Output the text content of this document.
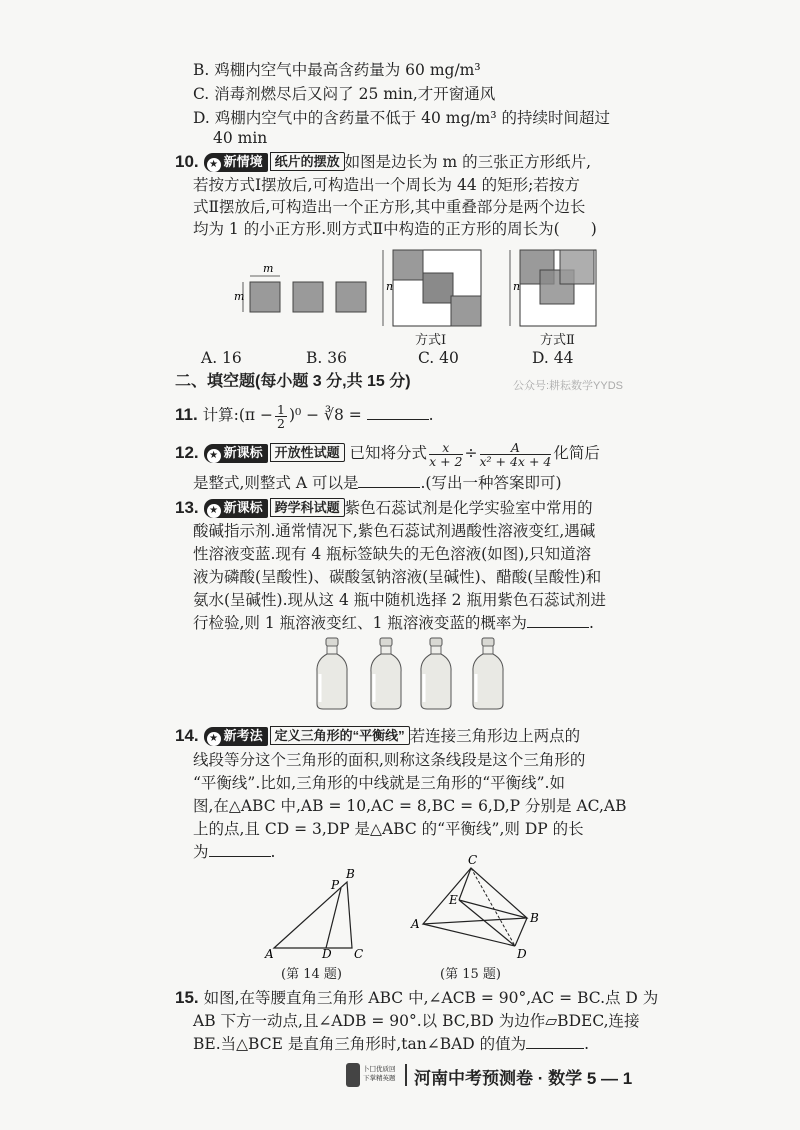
B. 鸡棚内空气中最高含药量为 60 mg/m³
C. 消毒剂燃尽后又闷了 25 min,才开窗通风
D. 鸡棚内空气中的含药量不低于 40 mg/m³ 的持续时间超过
40 min
10. ★ 新情境 纸片的摆放 如图是边长为 m 的三张正方形纸片,
若按方式Ⅰ摆放后,可构造出一个周长为 44 的矩形;若按方
式Ⅱ摆放后,可构造出一个正方形,其中重叠部分是两个边长
均为 1 的小正方形.则方式Ⅱ中构造的正方形的周长为(　　)
m
m
n	n
方式Ⅰ	方式Ⅱ
A. 16	B. 36	C. 40	D. 44
二、填空题(每小题 3 分,共 15 分)	公众号:耕耘数学YYDS
11. 计算:(π − $\frac{1}{2} )^0$ − ∛8 =	.
12. ★ 新课标 开放性试题 已知将分式 $\frac{x}{x + 2} \div \frac{A}{\text{x² + 4x + 4}}$ 化简后
是整式,则整式 A 可以是	.(写出一种答案即可)
13. ★ 新课标 跨学科试题 紫色石蕊试剂是化学实验室中常用的
酸碱指示剂.通常情况下,紫色石蕊试剂遇酸性溶液变红,遇碱
性溶液变蓝.现有 4 瓶标签缺失的无色溶液(如图),只知道溶
液为磷酸(呈酸性)、碳酸氢钠溶液(呈碱性)、醋酸(呈酸性)和
氨水(呈碱性).现从这 4 瓶中随机选择 2 瓶用紫色石蕊试剂进
行检验,则 1 瓶溶液变红、1 瓶溶液变蓝的概率为	.
14. ★ 新考法 定义三角形的“平衡线” 若连接三角形边上两点的
线段等分这个三角形的面积,则称这条线段是这个三角形的
“平衡线”.比如,三角形的中线就是三角形的“平衡线”.如
图,在△ABC 中,AB = 10,AC = 8,BC = 6,D,P 分别是 AC,AB
上的点,且 CD = 3,DP 是△ABC 的“平衡线”,则 DP 的长
为	.
A
B
C
D
P
(第 14 题)
A	B
C
D
E
(第 15 题)
15. 如图,在等腰直角三角形 ABC 中,∠ACB = 90°,AC = BC.点 D 为
AB 下方一动点,且∠ADB = 90°.以 BC,BD 为边作▱BDEC,连接
BE.当△BCE 是直角三角形时,tan∠BAD 的值为	.
卜囗优质回
下掌精英题 河南中考预测卷 · 数学 5 — 1
